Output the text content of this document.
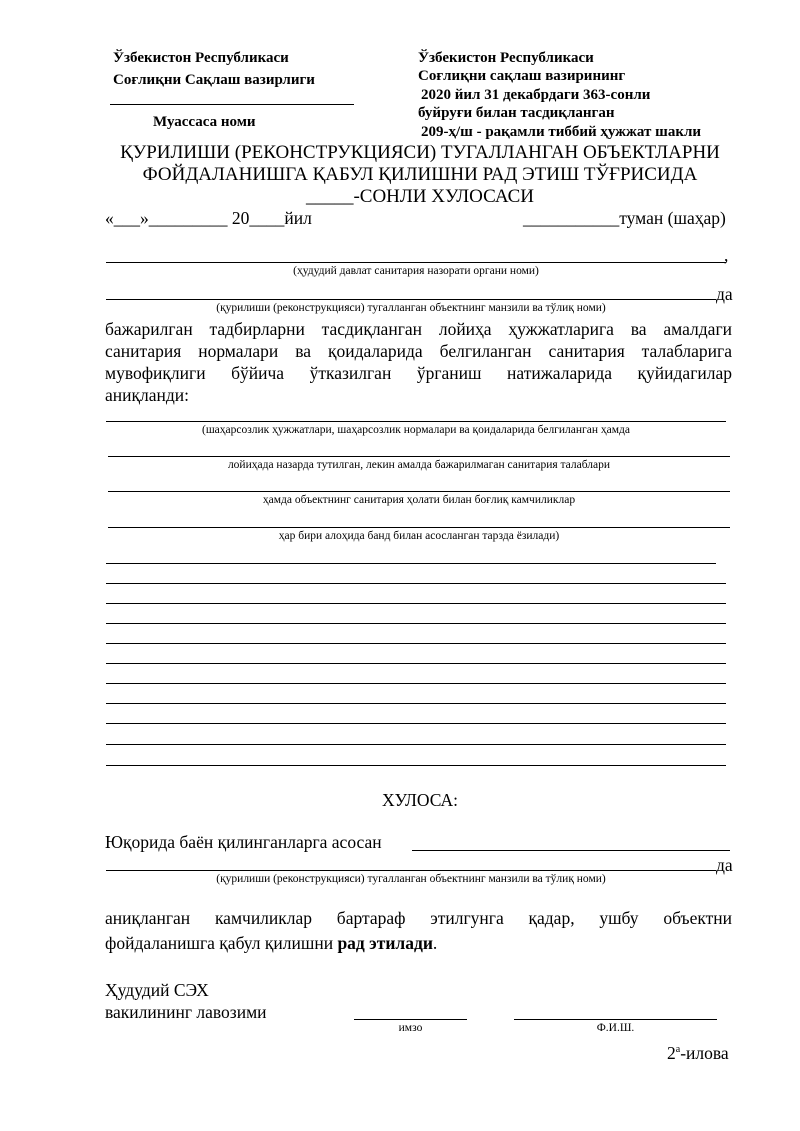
Ўзбекистон Республикаси
Соғлиқни Сақлаш вазирлиги
Муассаса номи
Ўзбекистон Республикаси
Соғлиқни сақлаш вазирининг
2020 йил 31 декабрдаги 363-сонли
буйруғи билан тасдиқланган
209-ҳ/ш - рақамли тиббий ҳужжат шакли
ҚУРИЛИШИ (РЕКОНСТРУКЦИЯСИ) ТУГАЛЛАНГАН ОБЪЕКТЛАРНИ
ФОЙДАЛАНИШГА ҚАБУЛ ҚИЛИШНИ РАД ЭТИШ ТЎҒРИСИДА
_____-СОНЛИ ХУЛОСАСИ
«___»_________ 20____йил	___________туман (шаҳар)
,
(ҳудудий давлат санитария назорати органи номи)
да
(қурилиши (реконструкцияси) тугалланган объектнинг манзили ва тўлиқ номи)
бажарилган тадбирларни тасдиқланган лойиҳа ҳужжатларига ва амалдаги
санитария нормалари ва қоидаларида белгиланган санитария талабларига
мувофиқлиги бўйича ўтказилган ўрганиш натижаларида қуйидагилар
аниқланди:
(шаҳарсозлик ҳужжатлари, шаҳарсозлик нормалари ва қоидаларида белгиланган ҳамда
лойиҳада назарда тутилган, лекин амалда бажарилмаган санитария талаблари
ҳамда объектнинг санитария ҳолати билан боғлиқ камчиликлар
ҳар бири алоҳида банд билан асосланган тарзда ёзилади)
ХУЛОСА:
Юқорида баён қилинганларга асосан
да
(қурилиши (реконструкцияси) тугалланган объектнинг манзили ва тўлиқ номи)
аниқланган камчиликлар бартараф этилгунга қадар, ушбу объектни
фойдаланишга қабул қилишни рад этилади.
Ҳудудий СЭХ
вакилининг лавозими
имзо	Ф.И.Ш.
$2^а$-илова
